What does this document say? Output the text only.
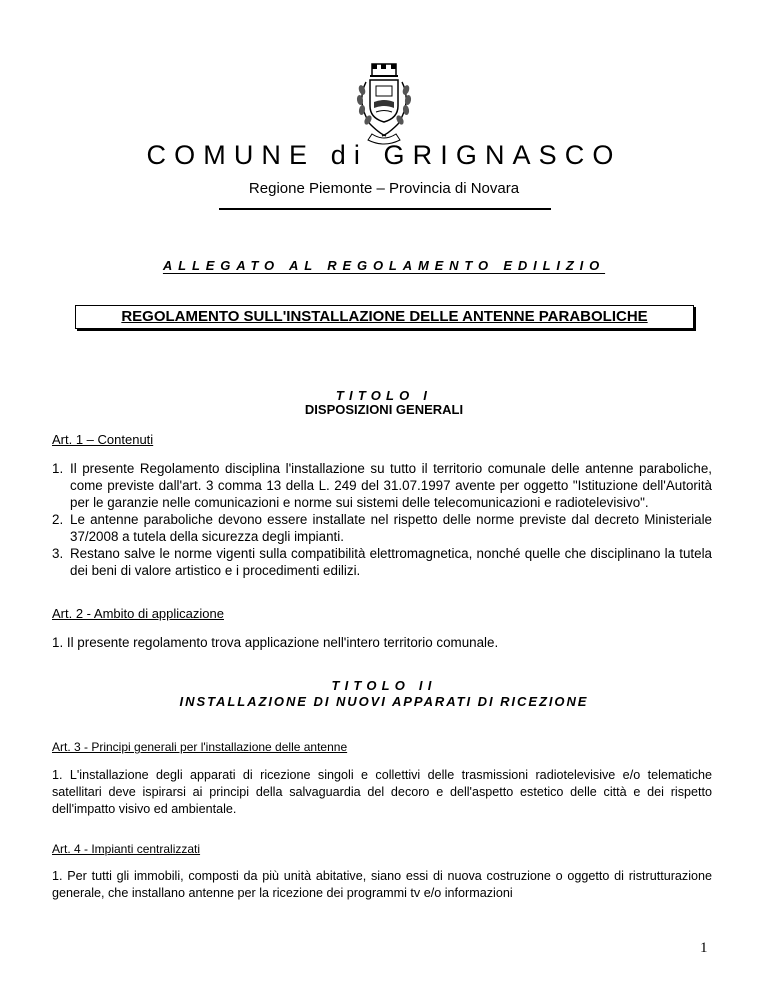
COMUNE di GRIGNASCO
Regione Piemonte – Provincia di Novara
ALLEGATO AL REGOLAMENTO EDILIZIO
REGOLAMENTO SULL'INSTALLAZIONE DELLE ANTENNE PARABOLICHE
TITOLO I
DISPOSIZIONI GENERALI
Art. 1 – Contenuti
1. Il presente Regolamento disciplina l'installazione su tutto il territorio comunale delle antenne paraboliche, come previste dall'art. 3 comma 13 della L. 249 del 31.07.1997 avente per oggetto "Istituzione dell'Autorità per le garanzie nelle comunicazioni e norme sui sistemi delle telecomunicazioni e radiotelevisivo".
2. Le antenne paraboliche devono essere installate nel rispetto delle norme previste dal decreto Ministeriale 37/2008 a tutela della sicurezza degli impianti.
3. Restano salve le norme vigenti sulla compatibilità elettromagnetica, nonché quelle che disciplinano la tutela dei beni di valore artistico e i procedimenti edilizi.
Art. 2 - Ambito di applicazione
1. Il presente regolamento trova applicazione nell'intero territorio comunale.
TITOLO II
INSTALLAZIONE DI NUOVI APPARATI DI RICEZIONE
Art. 3 - Principi generali per l'installazione delle antenne
1. L'installazione degli apparati di ricezione singoli e collettivi delle trasmissioni radiotelevisive e/o telematiche satellitari deve ispirarsi ai principi della salvaguardia del decoro e dell'aspetto estetico delle città e dei rispetto dell'impatto visivo ed ambientale.
Art. 4 - Impianti centralizzati
1. Per tutti gli immobili, composti da più unità abitative, siano essi di nuova costruzione o oggetto di ristrutturazione generale, che installano antenne per la ricezione dei programmi tv e/o informazioni
1
